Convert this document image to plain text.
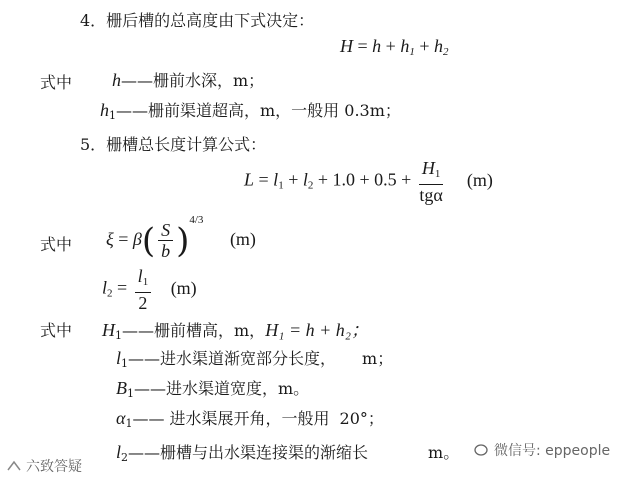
4．栅后槽的总高度由下式决定：
$H = h + h_1 + h_2$
式中 h——栅前水深，m；
$h_1——$栅前渠道超高，m，一般用 0.3m；
5．栅槽总长度计算公式：
$L = l_1 + l_2 + 1.0 + 0.5 + \frac{H_1}{\text{tgα}} (m)$
式中 $\xi = \beta( \frac{S}{b} )^{4/3}$ (m)
$l_2 = \frac{l_1}{2} (m)$
式中 $H_1——$栅前槽高，m，H₁ = h + h₂；
$l_1——$进水渠道渐宽部分长度， m；
$B_1——$进水渠道宽度，m。
$\alpha_1——$ 进水渠展开角，一般用 20°；
$l_2——$栅槽与出水渠连接渠的渐缩长	m。
六致答疑
微信号: eppeople
